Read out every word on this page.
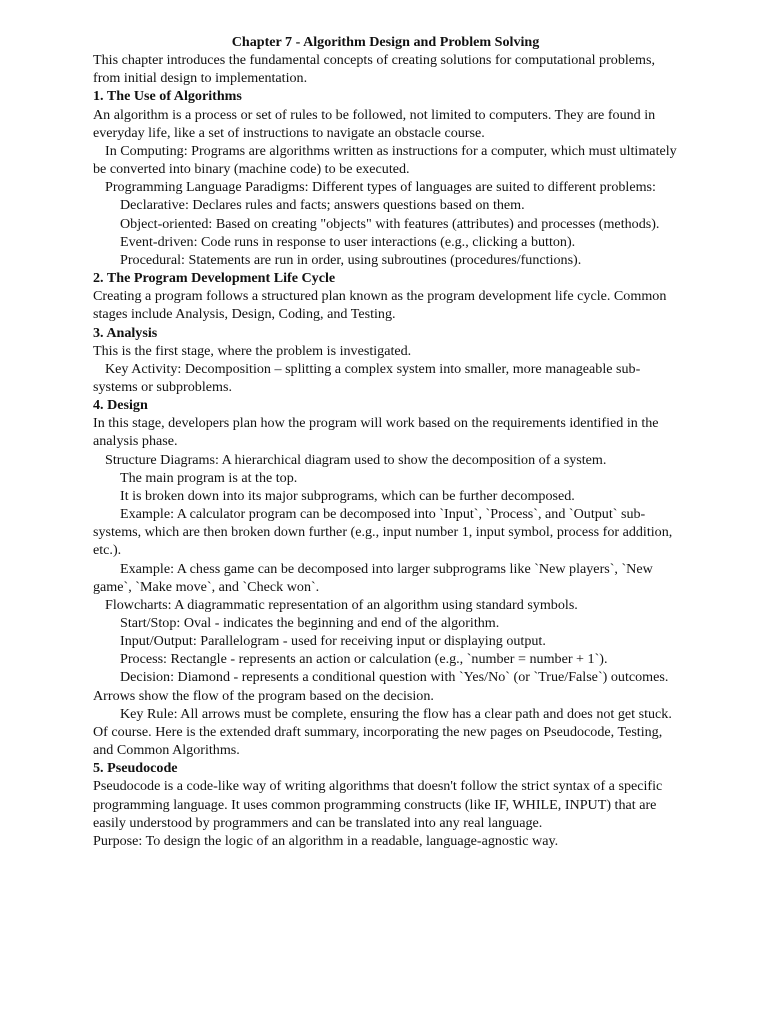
Chapter 7 - Algorithm Design and Problem Solving
This chapter introduces the fundamental concepts of creating solutions for computational problems, from initial design to implementation.
1. The Use of Algorithms
An algorithm is a process or set of rules to be followed, not limited to computers. They are found in everyday life, like a set of instructions to navigate an obstacle course.
In Computing: Programs are algorithms written as instructions for a computer, which must ultimately be converted into binary (machine code) to be executed.
Programming Language Paradigms: Different types of languages are suited to different problems:
Declarative: Declares rules and facts; answers questions based on them.
Object-oriented: Based on creating "objects" with features (attributes) and processes (methods).
Event-driven: Code runs in response to user interactions (e.g., clicking a button).
Procedural: Statements are run in order, using subroutines (procedures/functions).
2. The Program Development Life Cycle
Creating a program follows a structured plan known as the program development life cycle. Common stages include Analysis, Design, Coding, and Testing.
3. Analysis
This is the first stage, where the problem is investigated.
Key Activity: Decomposition – splitting a complex system into smaller, more manageable sub-systems or subproblems.
4. Design
In this stage, developers plan how the program will work based on the requirements identified in the analysis phase.
Structure Diagrams: A hierarchical diagram used to show the decomposition of a system.
The main program is at the top.
It is broken down into its major subprograms, which can be further decomposed.
Example: A calculator program can be decomposed into `Input`, `Process`, and `Output` sub-systems, which are then broken down further (e.g., input number 1, input symbol, process for addition, etc.).
Example: A chess game can be decomposed into larger subprograms like `New players`, `New game`, `Make move`, and `Check won`.
Flowcharts: A diagrammatic representation of an algorithm using standard symbols.
Start/Stop: Oval - indicates the beginning and end of the algorithm.
Input/Output: Parallelogram - used for receiving input or displaying output.
Process: Rectangle - represents an action or calculation (e.g., `number = number + 1`).
Decision: Diamond - represents a conditional question with `Yes/No` (or `True/False`) outcomes. Arrows show the flow of the program based on the decision.
Key Rule: All arrows must be complete, ensuring the flow has a clear path and does not get stuck.
Of course. Here is the extended draft summary, incorporating the new pages on Pseudocode, Testing, and Common Algorithms.
5. Pseudocode
Pseudocode is a code-like way of writing algorithms that doesn't follow the strict syntax of a specific programming language. It uses common programming constructs (like IF, WHILE, INPUT) that are easily understood by programmers and can be translated into any real language.
Purpose: To design the logic of an algorithm in a readable, language-agnostic way.
